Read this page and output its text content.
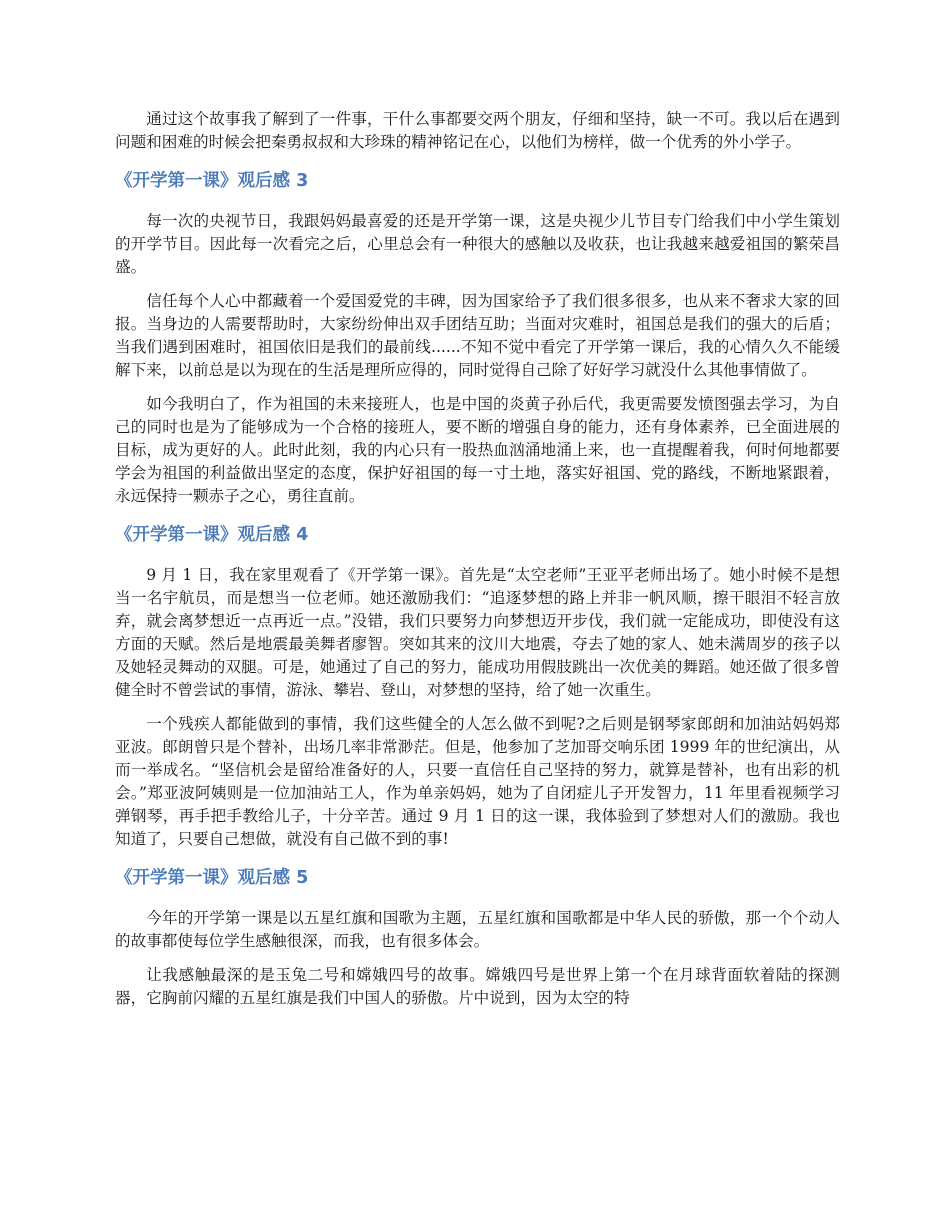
通过这个故事我了解到了一件事，干什么事都要交两个朋友，仔细和坚持，缺一不可。我以后在遇到问题和困难的时候会把秦勇叔叔和大珍珠的精神铭记在心，以他们为榜样，做一个优秀的外小学子。

《开学第一课》观后感 3

每一次的央视节日，我跟妈妈最喜爱的还是开学第一课，这是央视少儿节目专门给我们中小学生策划的开学节目。因此每一次看完之后，心里总会有一种很大的感触以及收获，也让我越来越爱祖国的繁荣昌盛。

信任每个人心中都藏着一个爱国爱党的丰碑，因为国家给予了我们很多很多，也从来不奢求大家的回报。当身边的人需要帮助时，大家纷纷伸出双手团结互助；当面对灾难时，祖国总是我们的强大的后盾；当我们遇到困难时，祖国依旧是我们的最前线......不知不觉中看完了开学第一课后，我的心情久久不能缓解下来，以前总是以为现在的生活是理所应得的，同时觉得自己除了好好学习就没什么其他事情做了。

如今我明白了，作为祖国的未来接班人，也是中国的炎黄子孙后代，我更需要发愤图强去学习，为自己的同时也是为了能够成为一个合格的接班人，要不断的增强自身的能力，还有身体素养，已全面进展的目标，成为更好的人。此时此刻，我的内心只有一股热血汹涌地涌上来，也一直提醒着我，何时何地都要学会为祖国的利益做出坚定的态度，保护好祖国的每一寸土地，落实好祖国、党的路线，不断地紧跟着，永远保持一颗赤子之心，勇往直前。

《开学第一课》观后感 4

9 月 1 日，我在家里观看了《开学第一课》。首先是“太空老师”王亚平老师出场了。她小时候不是想当一名宇航员，而是想当一位老师。她还激励我们：“追逐梦想的路上并非一帆风顺，擦干眼泪不轻言放弃，就会离梦想近一点再近一点。”没错，我们只要努力向梦想迈开步伐，我们就一定能成功，即使没有这方面的天赋。然后是地震最美舞者廖智。突如其来的汶川大地震，夺去了她的家人、她未满周岁的孩子以及她轻灵舞动的双腿。可是，她通过了自己的努力，能成功用假肢跳出一次优美的舞蹈。她还做了很多曾健全时不曾尝试的事情，游泳、攀岩、登山，对梦想的坚持，给了她一次重生。

一个残疾人都能做到的事情，我们这些健全的人怎么做不到呢?之后则是钢琴家郎朗和加油站妈妈郑亚波。郎朗曾只是个替补，出场几率非常渺茫。但是，他参加了芝加哥交响乐团 1999 年的世纪演出，从而一举成名。“坚信机会是留给准备好的人，只要一直信任自己坚持的努力，就算是替补，也有出彩的机会。”郑亚波阿姨则是一位加油站工人，作为单亲妈妈，她为了自闭症儿子开发智力，11 年里看视频学习弹钢琴，再手把手教给儿子，十分辛苦。通过 9 月 1 日的这一课，我体验到了梦想对人们的激励。我也知道了，只要自己想做，就没有自己做不到的事!

《开学第一课》观后感 5

今年的开学第一课是以五星红旗和国歌为主题，五星红旗和国歌都是中华人民的骄傲，那一个个动人的故事都使每位学生感触很深，而我，也有很多体会。

让我感触最深的是玉兔二号和嫦娥四号的故事。嫦娥四号是世界上第一个在月球背面软着陆的探测器，它胸前闪耀的五星红旗是我们中国人的骄傲。片中说到，因为太空的特
